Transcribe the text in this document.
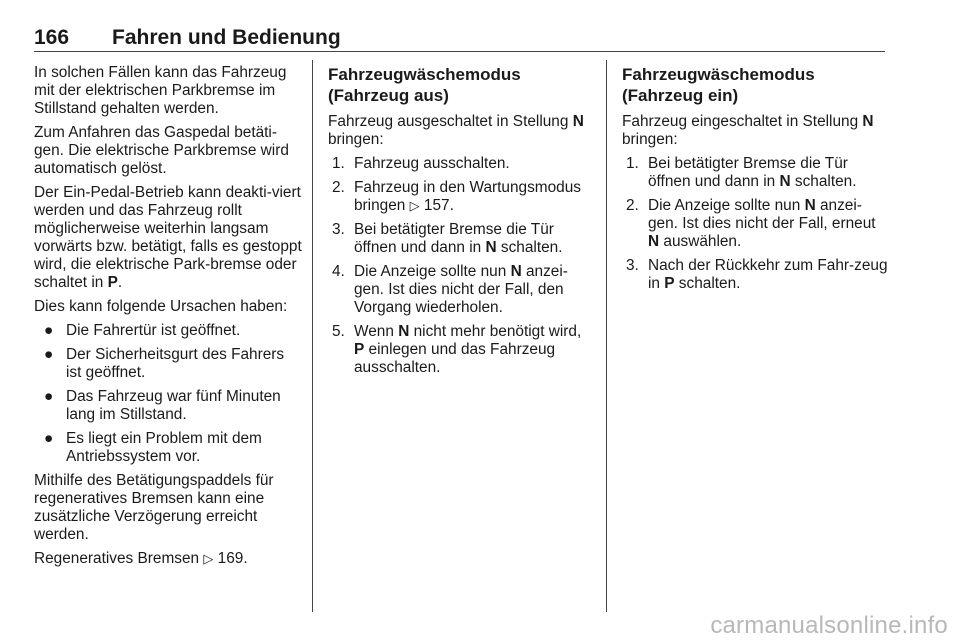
166 Fahren und Bedienung

In solchen Fällen kann das Fahrzeug mit der elektrischen Parkbremse im Stillstand gehalten werden.

Zum Anfahren das Gaspedal betäti‐gen. Die elektrische Parkbremse wird automatisch gelöst.

Der Ein-Pedal-Betrieb kann deakti‐viert werden und das Fahrzeug rollt möglicherweise weiterhin langsam vorwärts bzw. betätigt, falls es gestoppt wird, die elektrische Park‐bremse oder schaltet in P.

Dies kann folgende Ursachen haben:

● Die Fahrertür ist geöffnet.
● Der Sicherheitsgurt des Fahrers ist geöffnet.
● Das Fahrzeug war fünf Minuten lang im Stillstand.
● Es liegt ein Problem mit dem Antriebssystem vor.

Mithilfe des Betätigungspaddels für regeneratives Bremsen kann eine zusätzliche Verzögerung erreicht werden.

Regeneratives Bremsen ▷ 169.

Fahrzeugwäschemodus (Fahrzeug aus)

Fahrzeug ausgeschaltet in Stellung N bringen:

1. Fahrzeug ausschalten.
2. Fahrzeug in den Wartungsmodus bringen ▷ 157.
3. Bei betätigter Bremse die Tür öffnen und dann in N schalten.
4. Die Anzeige sollte nun N anzei‐gen. Ist dies nicht der Fall, den Vorgang wiederholen.
5. Wenn N nicht mehr benötigt wird, P einlegen und das Fahrzeug ausschalten.
Fahrzeugwäschemodus (Fahrzeug ein)

Fahrzeug eingeschaltet in Stellung N bringen:

1. Bei betätigter Bremse die Tür öffnen und dann in N schalten.
2. Die Anzeige sollte nun N anzei‐gen. Ist dies nicht der Fall, erneut N auswählen.
3. Nach der Rückkehr zum Fahr‐zeug in P schalten.
carmanualsonline.info
